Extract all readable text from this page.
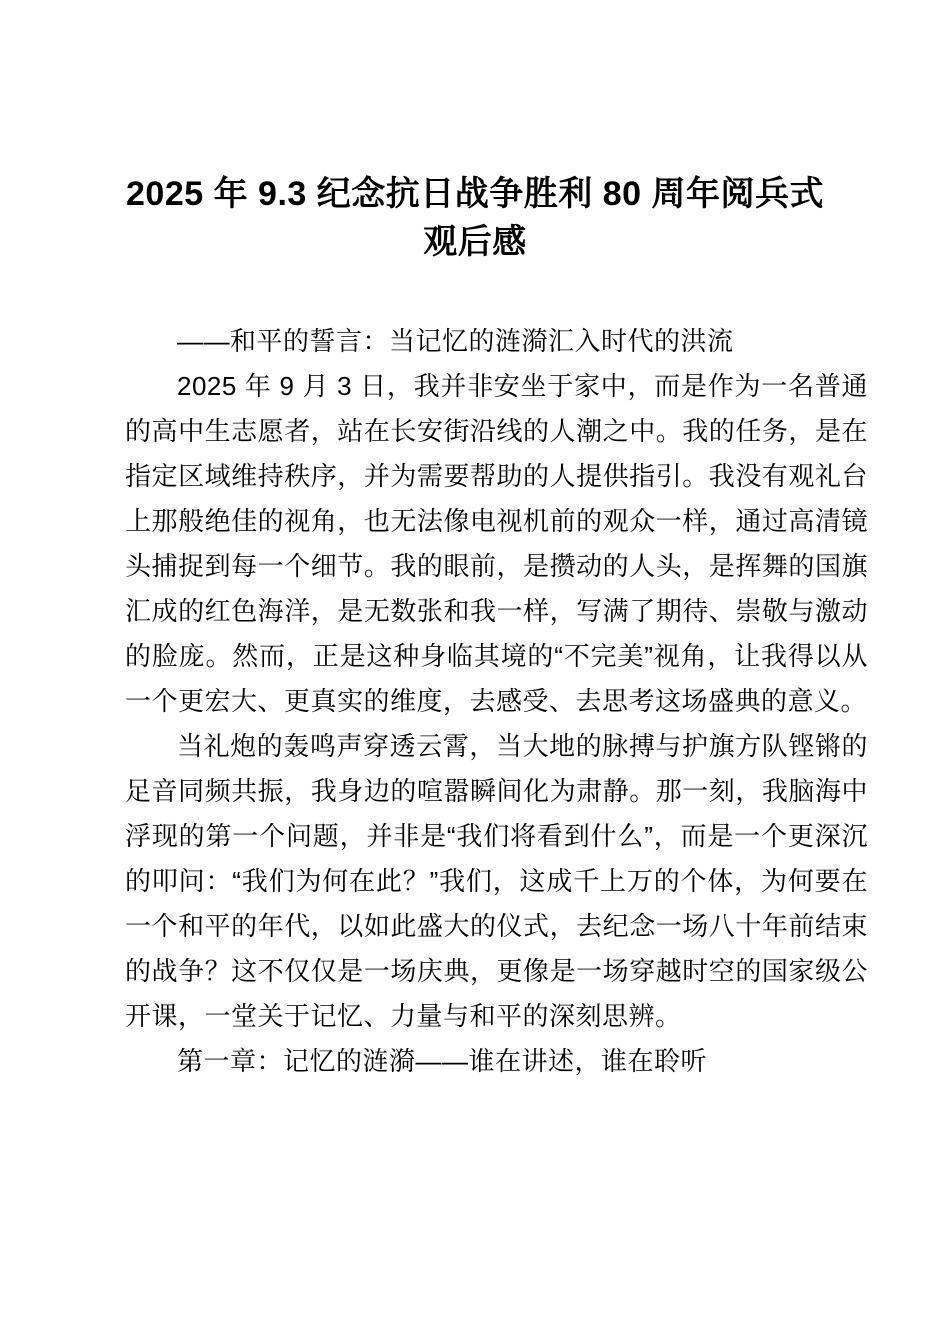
2025 年 9.3 纪念抗日战争胜利 80 周年阅兵式观后感

——和平的誓言：当记忆的涟漪汇入时代的洪流

2025 年 9 月 3 日，我并非安坐于家中，而是作为一名普通的高中生志愿者，站在长安街沿线的人潮之中。我的任务，是在指定区域维持秩序，并为需要帮助的人提供指引。我没有观礼台上那般绝佳的视角，也无法像电视机前的观众一样，通过高清镜头捕捉到每一个细节。我的眼前，是攒动的人头，是挥舞的国旗汇成的红色海洋，是无数张和我一样，写满了期待、崇敬与激动的脸庞。然而，正是这种身临其境的“不完美”视角，让我得以从一个更宏大、更真实的维度，去感受、去思考这场盛典的意义。

当礼炮的轰鸣声穿透云霄，当大地的脉搏与护旗方队铿锵的足音同频共振，我身边的喧嚣瞬间化为肃静。那一刻，我脑海中浮现的第一个问题，并非是“我们将看到什么”，而是一个更深沉的叩问：“我们为何在此？”我们，这成千上万的个体，为何要在一个和平的年代，以如此盛大的仪式，去纪念一场八十年前结束的战争？这不仅仅是一场庆典，更像是一场穿越时空的国家级公开课，一堂关于记忆、力量与和平的深刻思辨。

第一章：记忆的涟漪——谁在讲述，谁在聆听
